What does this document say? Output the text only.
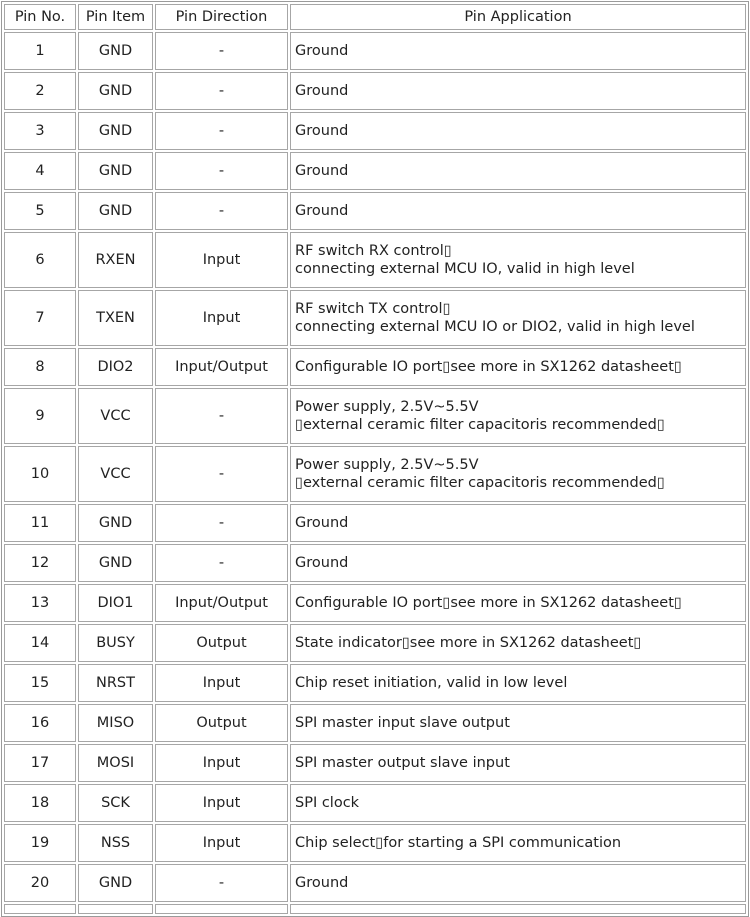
Pin No.	Pin Item	Pin Direction	Pin Application
1	GND	-	Ground

2	GND	-	Ground

3	GND	-	Ground

4	GND	-	Ground

5	GND	-	Ground

6	RXEN	Input	RF switch RX control▯
connecting external MCU IO, valid in high level

7	TXEN	Input	RF switch TX control▯
connecting external MCU IO or DIO2, valid in high level

8	DIO2	Input/Output	Configurable IO port▯see more in SX1262 datasheet▯

9	VCC	-	Power supply, 2.5V~5.5V
▯external ceramic filter capacitoris recommended▯

10	VCC	-	Power supply, 2.5V~5.5V
▯external ceramic filter capacitoris recommended▯

11	GND	-	Ground

12	GND	-	Ground

13	DIO1	Input/Output	Configurable IO port▯see more in SX1262 datasheet▯

14	BUSY	Output	State indicator▯see more in SX1262 datasheet▯

15	NRST	Input	Chip reset initiation, valid in low level

16	MISO	Output	SPI master input slave output

17	MOSI	Input	SPI master output slave input

18	SCK	Input	SPI clock

19	NSS	Input	Chip select▯for starting a SPI communication

20	GND	-	Ground
